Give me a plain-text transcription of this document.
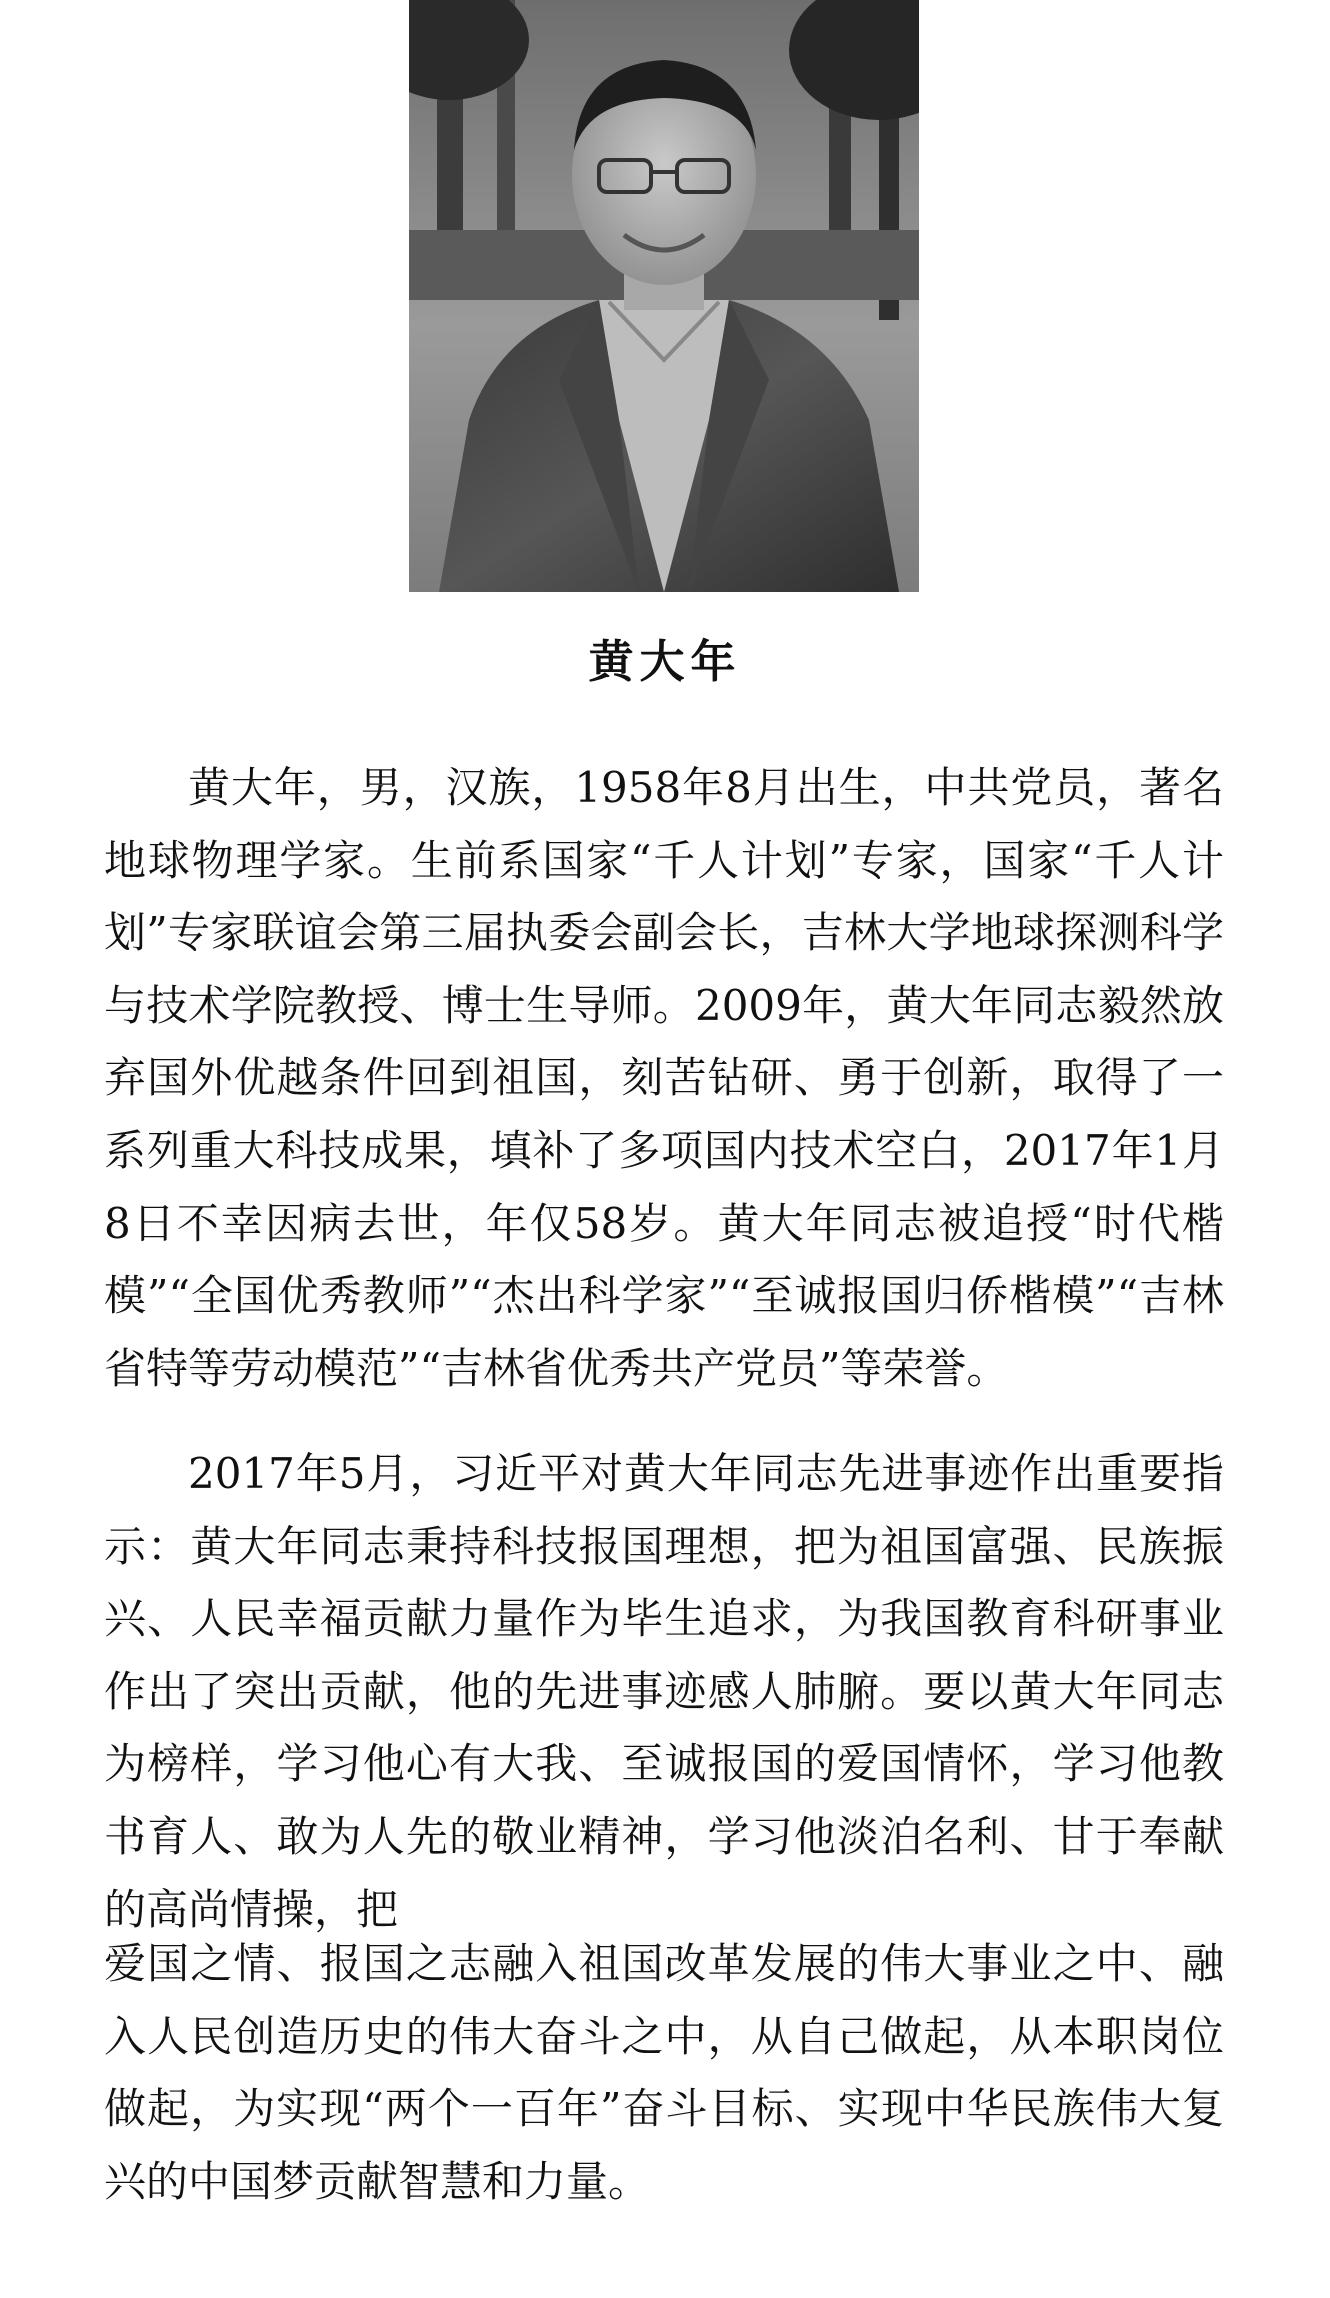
黄大年

黄大年，男，汉族，1958年8月出生，中共党员，著名地球物理学家。生前系国家“千人计划”专家，国家“千人计划”专家联谊会第三届执委会副会长，吉林大学地球探测科学与技术学院教授、博士生导师。2009年，黄大年同志毅然放弃国外优越条件回到祖国，刻苦钻研、勇于创新，取得了一系列重大科技成果，填补了多项国内技术空白，2017年1月8日不幸因病去世，年仅58岁。黄大年同志被追授“时代楷模”“全国优秀教师”“杰出科学家”“至诚报国归侨楷模”“吉林省特等劳动模范”“吉林省优秀共产党员”等荣誉。

2017年5月，习近平对黄大年同志先进事迹作出重要指示：黄大年同志秉持科技报国理想，把为祖国富强、民族振兴、人民幸福贡献力量作为毕生追求，为我国教育科研事业作出了突出贡献，他的先进事迹感人肺腑。要以黄大年同志为榜样，学习他心有大我、至诚报国的爱国情怀，学习他教书育人、敢为人先的敬业精神，学习他淡泊名利、甘于奉献的高尚情操，把

爱国之情、报国之志融入祖国改革发展的伟大事业之中、融入人民创造历史的伟大奋斗之中，从自己做起，从本职岗位做起，为实现“两个一百年”奋斗目标、实现中华民族伟大复兴的中国梦贡献智慧和力量。
